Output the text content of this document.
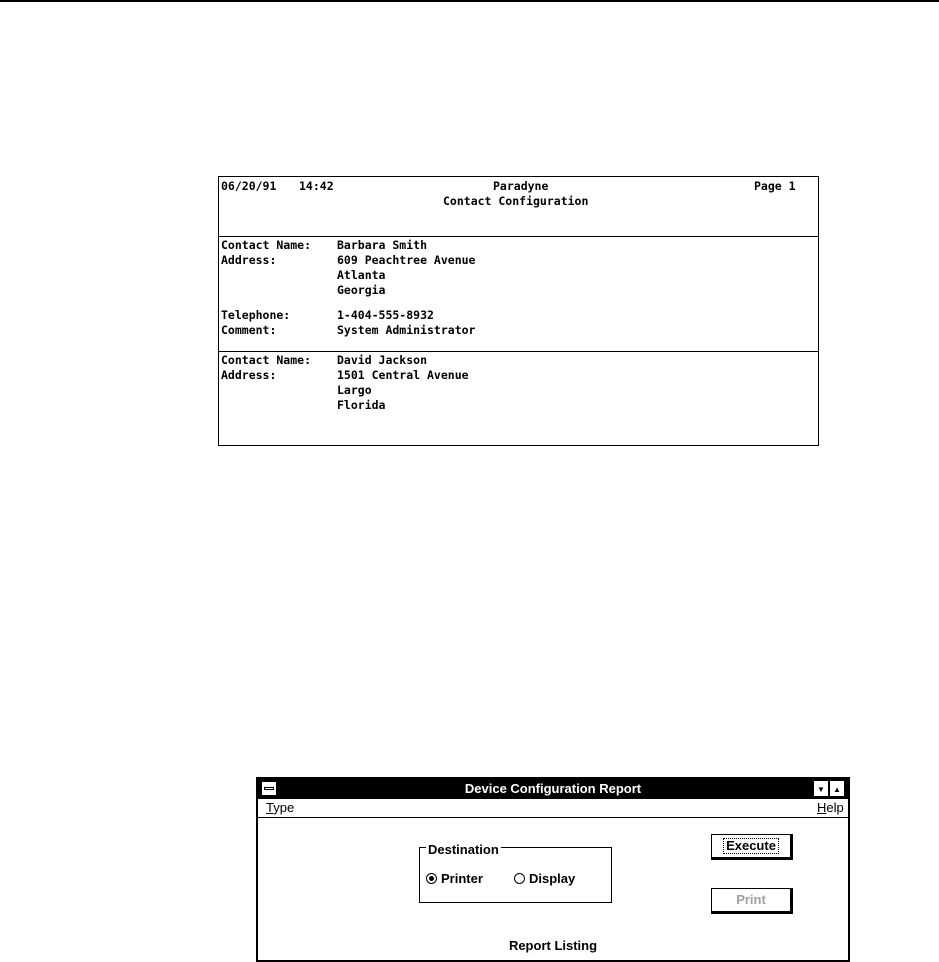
06/20/91 14:42	Paradyne
Contact Configuration
Page 1
Contact Name: Barbara Smith
Address:	609 Peachtree Avenue
Atlanta
Georgia
Telephone:	1-404-555-8932
Comment:	System Administrator
Contact Name: David Jackson
Address:	1501 Central Avenue
Largo
Florida
Device Configuration Report	▼	▲
Type	Help
Destination
Printer	Display
Execute
Print
Report Listing
